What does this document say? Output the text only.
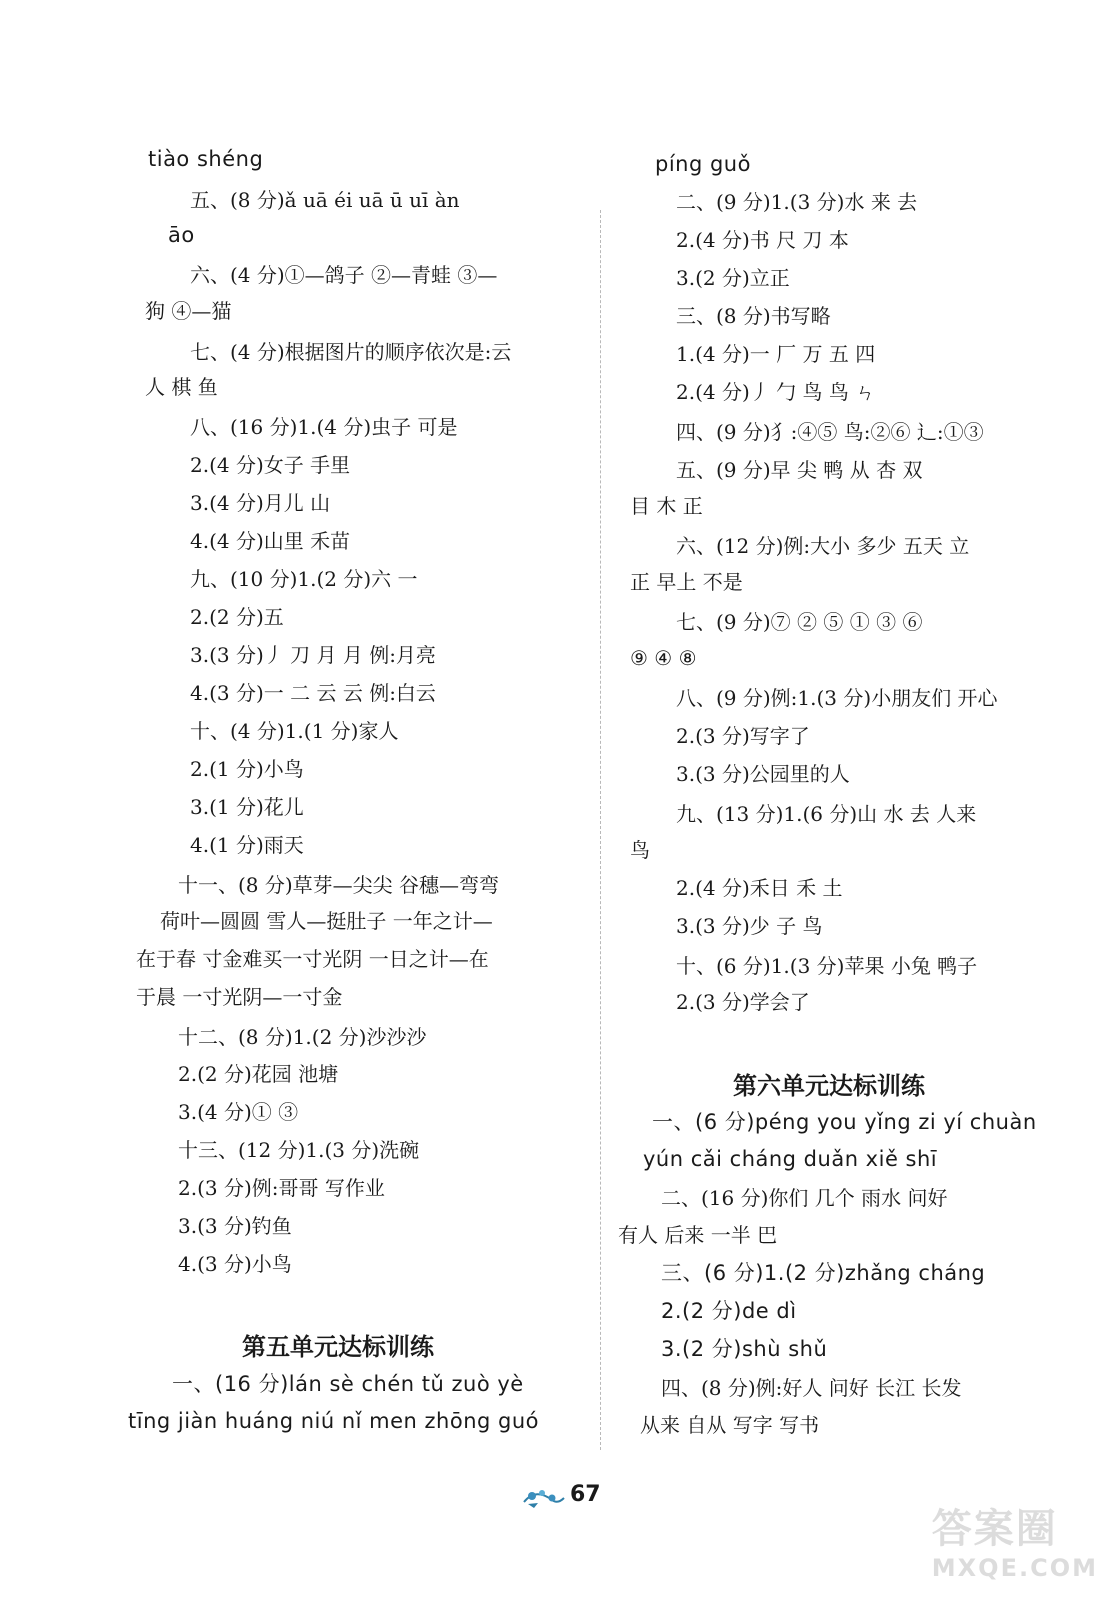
tiào shéng
五、(8 分)ǎ uā éi uā ū uī àn
āo
六、(4 分)①—鸽子 ②—青蛙 ③—
狗 ④—猫
七、(4 分)根据图片的顺序依次是:云
人 棋 鱼
八、(16 分)1.(4 分)虫子 可是
2.(4 分)女子 手里
3.(4 分)月儿 山
4.(4 分)山里 禾苗
九、(10 分)1.(2 分)六 一
2.(2 分)五
3.(3 分)丿 刀 月 月 例:月亮
4.(3 分)一 二 云 云 例:白云
十、(4 分)1.(1 分)家人
2.(1 分)小鸟
3.(1 分)花儿
4.(1 分)雨天
十一、(8 分)草芽—尖尖 谷穗—弯弯
荷叶—圆圆 雪人—挺肚子 一年之计—
在于春 寸金难买一寸光阴 一日之计—在
于晨 一寸光阴—一寸金
十二、(8 分)1.(2 分)沙沙沙
2.(2 分)花园 池塘
3.(4 分)① ③
十三、(12 分)1.(3 分)洗碗
2.(3 分)例:哥哥 写作业
3.(3 分)钓鱼
4.(3 分)小鸟
第五单元达标训练
一、(16 分)lán sè chén tǔ zuò yè
tīng jiàn huáng niú nǐ men zhōng guó
píng guǒ
二、(9 分)1.(3 分)水 来 去
2.(4 分)书 尺 刀 本
3.(2 分)立正
三、(8 分)书写略
1.(4 分)一 厂 万 五 四
2.(4 分)丿 勹 鸟 鸟 ㄣ
四、(9 分)犭:④⑤ 鸟:②⑥ 辶:①③
五、(9 分)早 尖 鸭 从 杏 双
目 木 正
六、(12 分)例:大小 多少 五天 立
正 早上 不是
七、(9 分)⑦ ② ⑤ ① ③ ⑥
⑨ ④ ⑧
八、(9 分)例:1.(3 分)小朋友们 开心
2.(3 分)写字了
3.(3 分)公园里的人
九、(13 分)1.(6 分)山 水 去 人来
鸟
2.(4 分)禾日 禾 土
3.(3 分)少 子 鸟
十、(6 分)1.(3 分)苹果 小兔 鸭子
2.(3 分)学会了
第六单元达标训练
一、(6 分)péng you yǐng zi yí chuàn
yún cǎi cháng duǎn xiě shī
二、(16 分)你们 几个 雨水 问好
有人 后来 一半 巴
三、(6 分)1.(2 分)zhǎng cháng
2.(2 分)de dì
3.(2 分)shù shǔ
四、(8 分)例:好人 问好 长江 长发
从来 自从 写字 写书
67
答案圈
MXQE.COM
